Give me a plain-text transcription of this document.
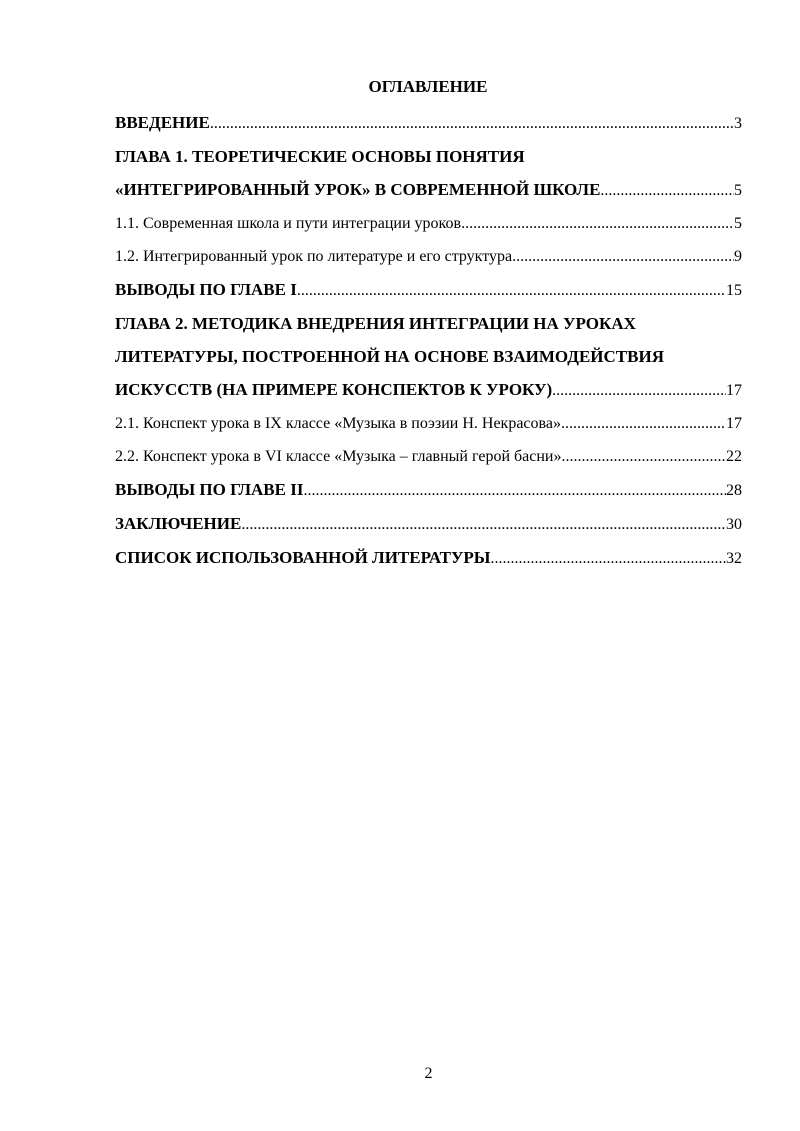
ОГЛАВЛЕНИЕ
ВВЕДЕНИЕ .....	3
ГЛАВА 1. ТЕОРЕТИЧЕСКИЕ ОСНОВЫ ПОНЯТИЯ
«ИНТЕГРИРОВАННЫЙ УРОК» В СОВРЕМЕННОЙ ШКОЛЕ .....	5
1.1. Современная школа и пути интеграции уроков .....	5
1.2. Интегрированный урок по литературе и его структура .....	9
ВЫВОДЫ ПО ГЛАВЕ I .....	15
ГЛАВА 2. МЕТОДИКА ВНЕДРЕНИЯ ИНТЕГРАЦИИ НА УРОКАХ
ЛИТЕРАТУРЫ, ПОСТРОЕННОЙ НА ОСНОВЕ ВЗАИМОДЕЙСТВИЯ
ИСКУССТВ (НА ПРИМЕРЕ КОНСПЕКТОВ К УРОКУ) .....	17
2.1. Конспект урока в IX классе «Музыка в поэзии Н. Некрасова» .....	17
2.2. Конспект урока в VI классе «Музыка – главный герой басни» .....	22
ВЫВОДЫ ПО ГЛАВЕ II .....	28
ЗАКЛЮЧЕНИЕ .....	30
СПИСОК ИСПОЛЬЗОВАННОЙ ЛИТЕРАТУРЫ .....	32
2
